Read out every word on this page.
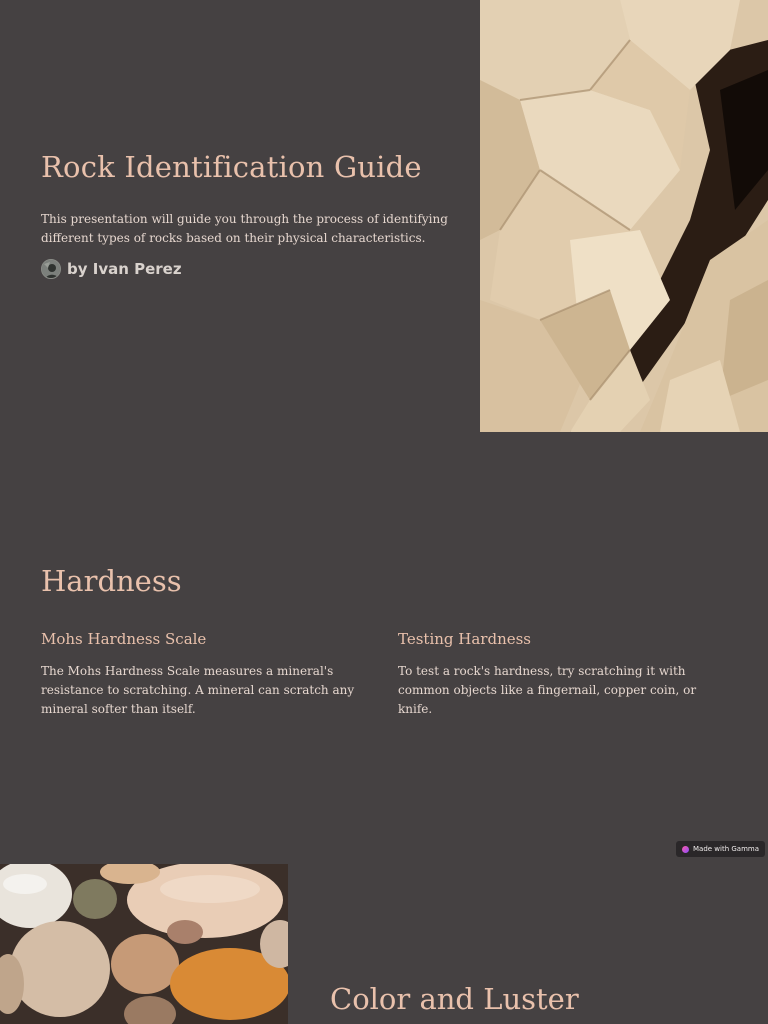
Rock Identification Guide

This presentation will guide you through the process of identifying different types of rocks based on their physical characteristics.

by Ivan Perez
Hardness
Mohs Hardness Scale

The Mohs Hardness Scale measures a mineral's resistance to scratching. A mineral can scratch any mineral softer than itself.

Testing Hardness

To test a rock's hardness, try scratching it with common objects like a fingernail, copper coin, or knife.

Made with Gamma
Color and Luster
